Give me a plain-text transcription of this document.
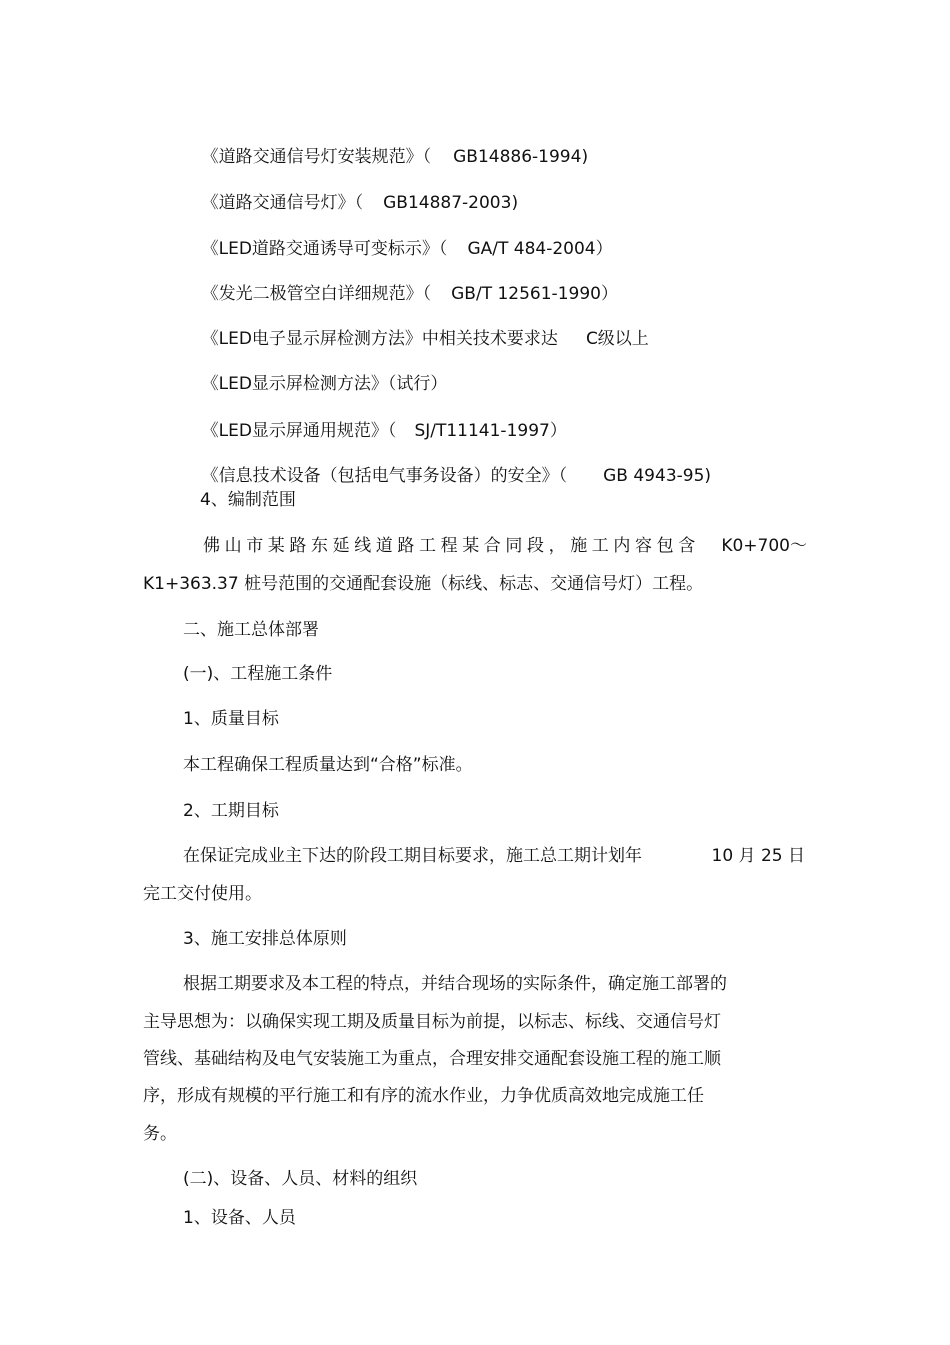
《道路交通信号灯安装规范》（ GB14886-1994)

《道路交通信号灯》（ GB14887-2003)

《LED道路交通诱导可变标示》（ GA/T 484-2004）

《发光二极管空白详细规范》（ GB/T 12561-1990）

《LED电子显示屏检测方法》中相关技术要求达 C级以上

《LED显示屏检测方法》（试行）

《LED显示屏通用规范》（ SJ/T11141-1997）

《信息技术设备（包括电气事务设备）的安全》（ GB 4943-95)

4、编制范围
佛山市某路东延线道路工程某合同段，施工内容包含 K0+700～
K1+363.37 桩号范围的交通配套设施（标线、标志、交通信号灯）工程。
二、施工总体部署
(一)、工程施工条件
1、质量目标
本工程确保工程质量达到“合格”标准。
2、工期目标
在保证完成业主下达的阶段工期目标要求，施工总工期计划年	10 月 25 日
完工交付使用。
3、施工安排总体原则
根据工期要求及本工程的特点，并结合现场的实际条件，确定施工部署的
主导思想为：以确保实现工期及质量目标为前提，以标志、标线、交通信号灯
管线、基础结构及电气安装施工为重点，合理安排交通配套设施工程的施工顺
序，形成有规模的平行施工和有序的流水作业，力争优质高效地完成施工任
务。
(二)、设备、人员、材料的组织
1、设备、人员
